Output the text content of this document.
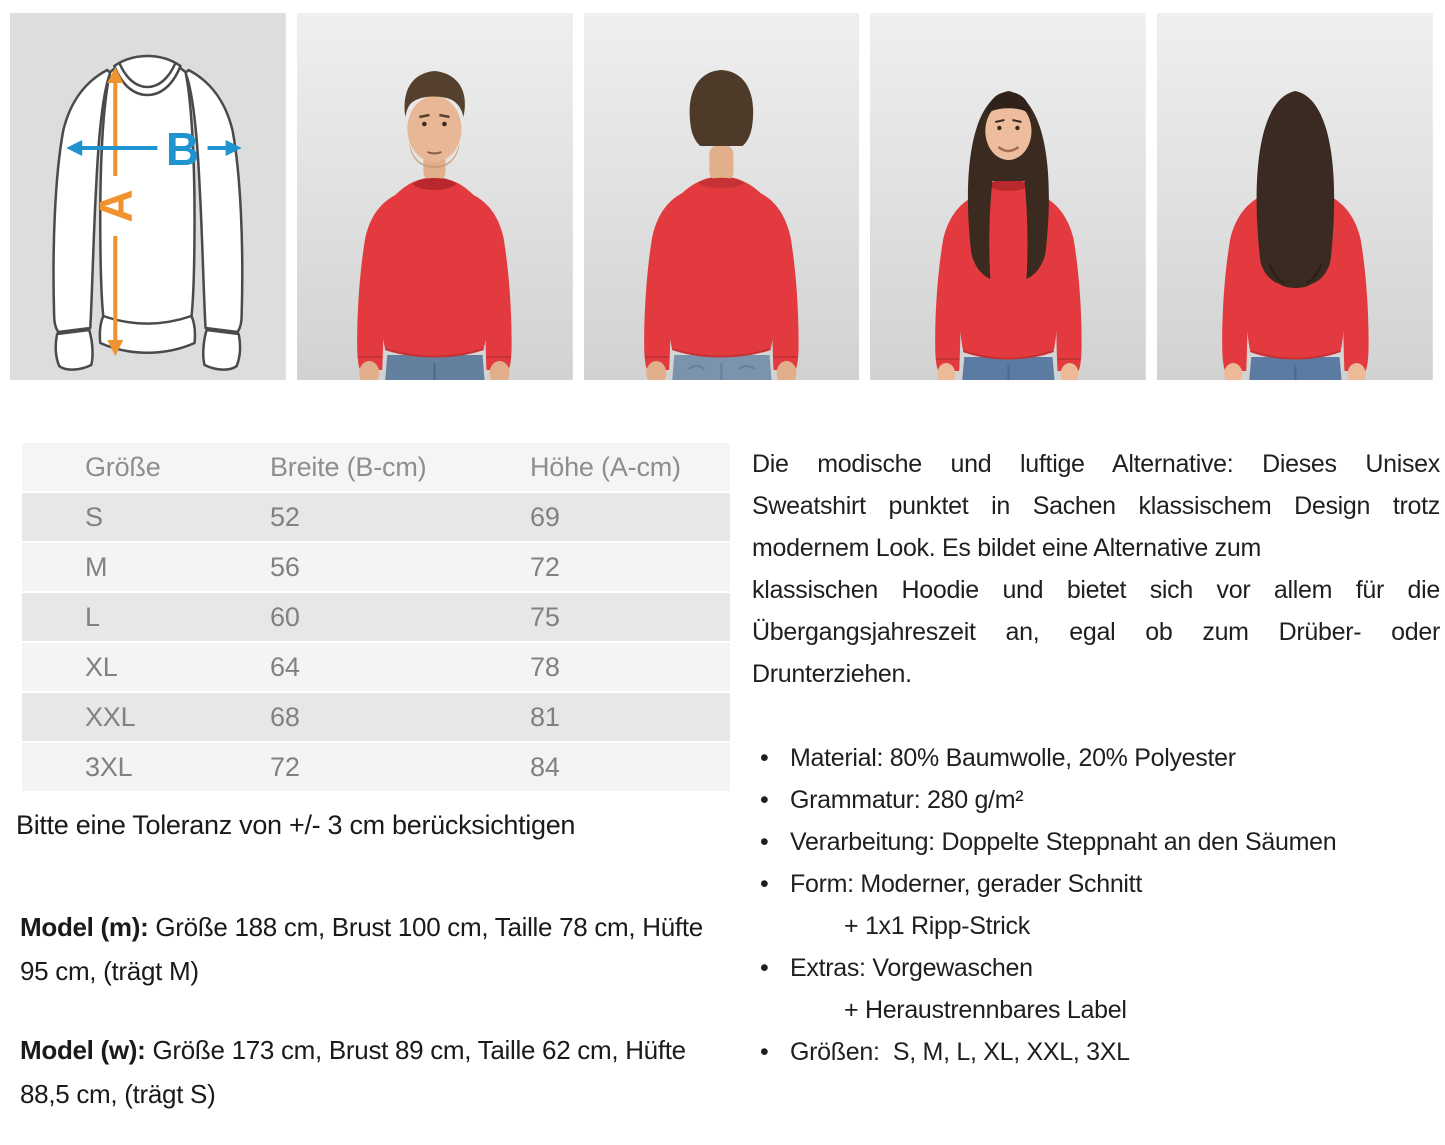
A
B
Größe	Breite (B-cm)	Höhe (A-cm)
S	52	69
M	56	72
L	60	75
XL	64	78
XXL	68	81
3XL	72	84
Bitte eine Toleranz von +/- 3 cm berücksichtigen

Model (m): Größe 188 cm, Brust 100 cm, Taille 78 cm, Hüfte 95 cm, (trägt M)

Model (w): Größe 173 cm, Brust 89 cm, Taille 62 cm, Hüfte 88,5 cm, (trägt S)

Die modische und luftige Alternative: Dieses Unisex
Sweatshirt punktet in Sachen klassischem Design trotz
modernem Look. Es bildet eine Alternative zum
klassischen Hoodie und bietet sich vor allem für die
Übergangsjahreszeit an, egal ob zum Drüber- oder
Drunterziehen.
• Material: 80% Baumwolle, 20% Polyester
• Grammatur: 280 g/m²
• Verarbeitung: Doppelte Steppnaht an den Säumen
• Form: Moderner, gerader Schnitt
+ 1x1 Ripp-Strick
• Extras: Vorgewaschen
+ Heraustrennbares Label
• Größen:  S, M, L, XL, XXL, 3XL
